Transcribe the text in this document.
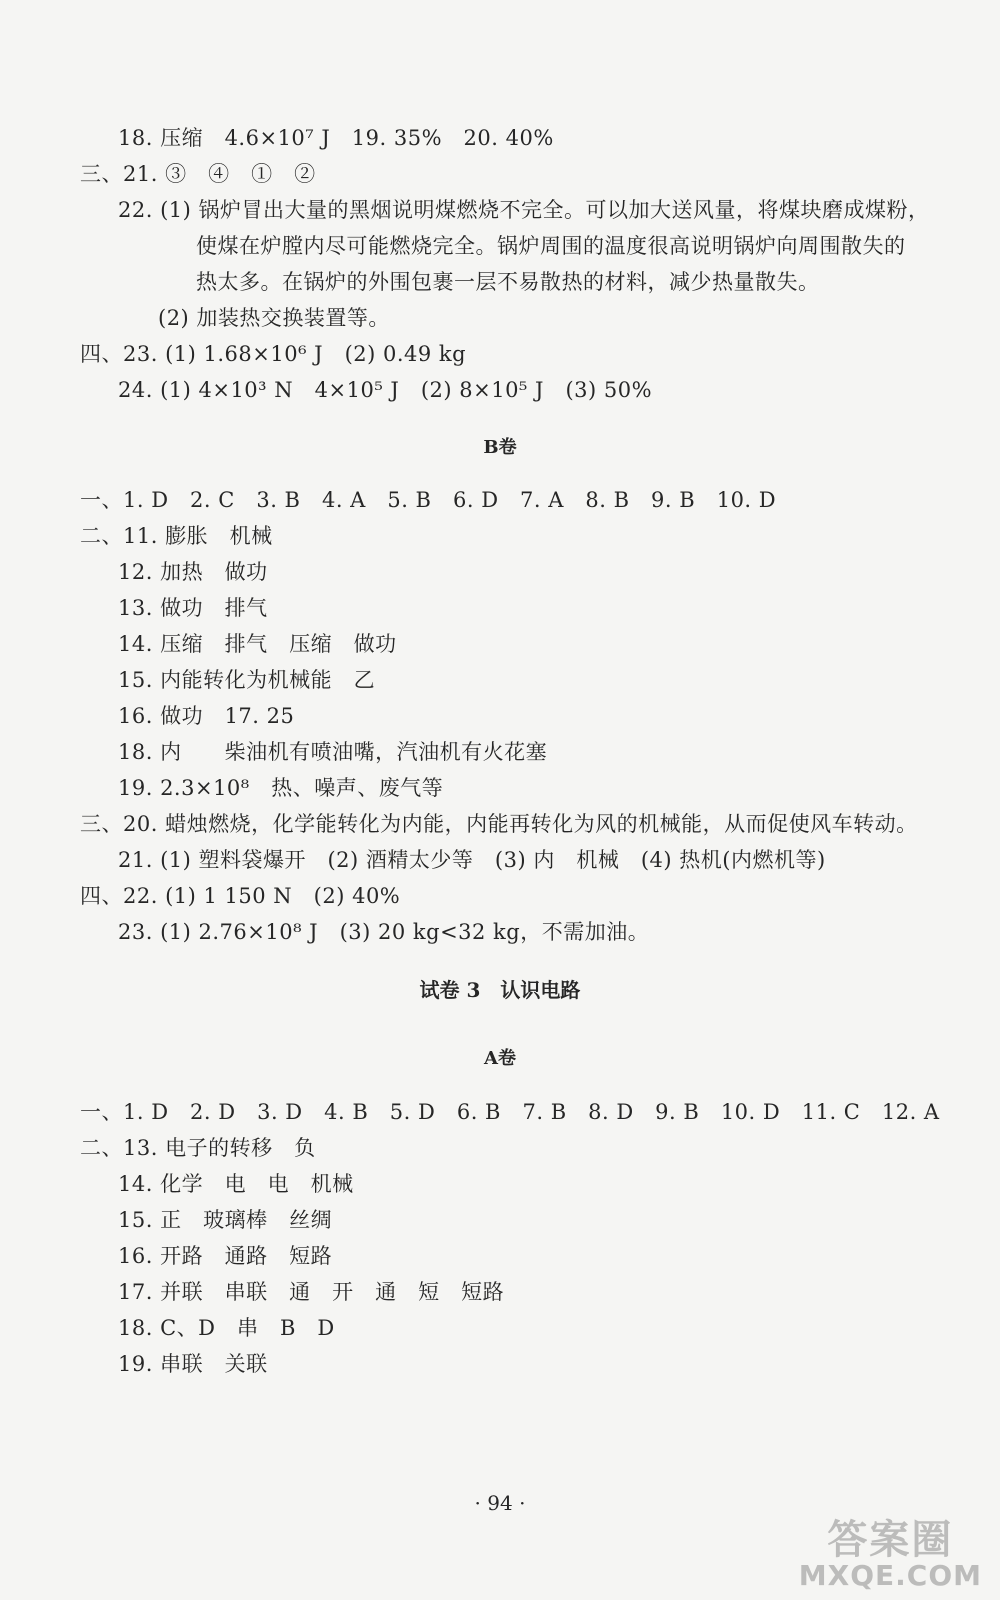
18. 压缩　4.6×10⁷ J　19. 35%　20. 40%
三、21. ③　④　①　②
22. (1) 锅炉冒出大量的黑烟说明煤燃烧不完全。可以加大送风量，将煤块磨成煤粉，
使煤在炉膛内尽可能燃烧完全。锅炉周围的温度很高说明锅炉向周围散失的
热太多。在锅炉的外围包裹一层不易散热的材料，减少热量散失。
(2) 加装热交换装置等。
四、23. (1) 1.68×10⁶ J　(2) 0.49 kg
24. (1) 4×10³ N　4×10⁵ J　(2) 8×10⁵ J　(3) 50%
B卷
一、1. D　2. C　3. B　4. A　5. B　6. D　7. A　8. B　9. B　10. D
二、11. 膨胀　机械
12. 加热　做功
13. 做功　排气
14. 压缩　排气　压缩　做功
15. 内能转化为机械能　乙
16. 做功　17. 25
18. 内　　柴油机有喷油嘴，汽油机有火花塞
19. 2.3×10⁸　热、噪声、废气等
三、20. 蜡烛燃烧，化学能转化为内能，内能再转化为风的机械能，从而促使风车转动。
21. (1) 塑料袋爆开　(2) 酒精太少等　(3) 内　机械　(4) 热机(内燃机等)
四、22. (1) 1 150 N　(2) 40%
23. (1) 2.76×10⁸ J　(3) 20 kg<32 kg，不需加油。
试卷 3　认识电路
A卷
一、1. D　2. D　3. D　4. B　5. D　6. B　7. B　8. D　9. B　10. D　11. C　12. A
二、13. 电子的转移　负
14. 化学　电　电　机械
15. 正　玻璃棒　丝绸
16. 开路　通路　短路
17. 并联　串联　通　开　通　短　短路
18. C、D　串　B　D
19. 串联　关联
· 94 ·
答案圈
MXQE.COM
